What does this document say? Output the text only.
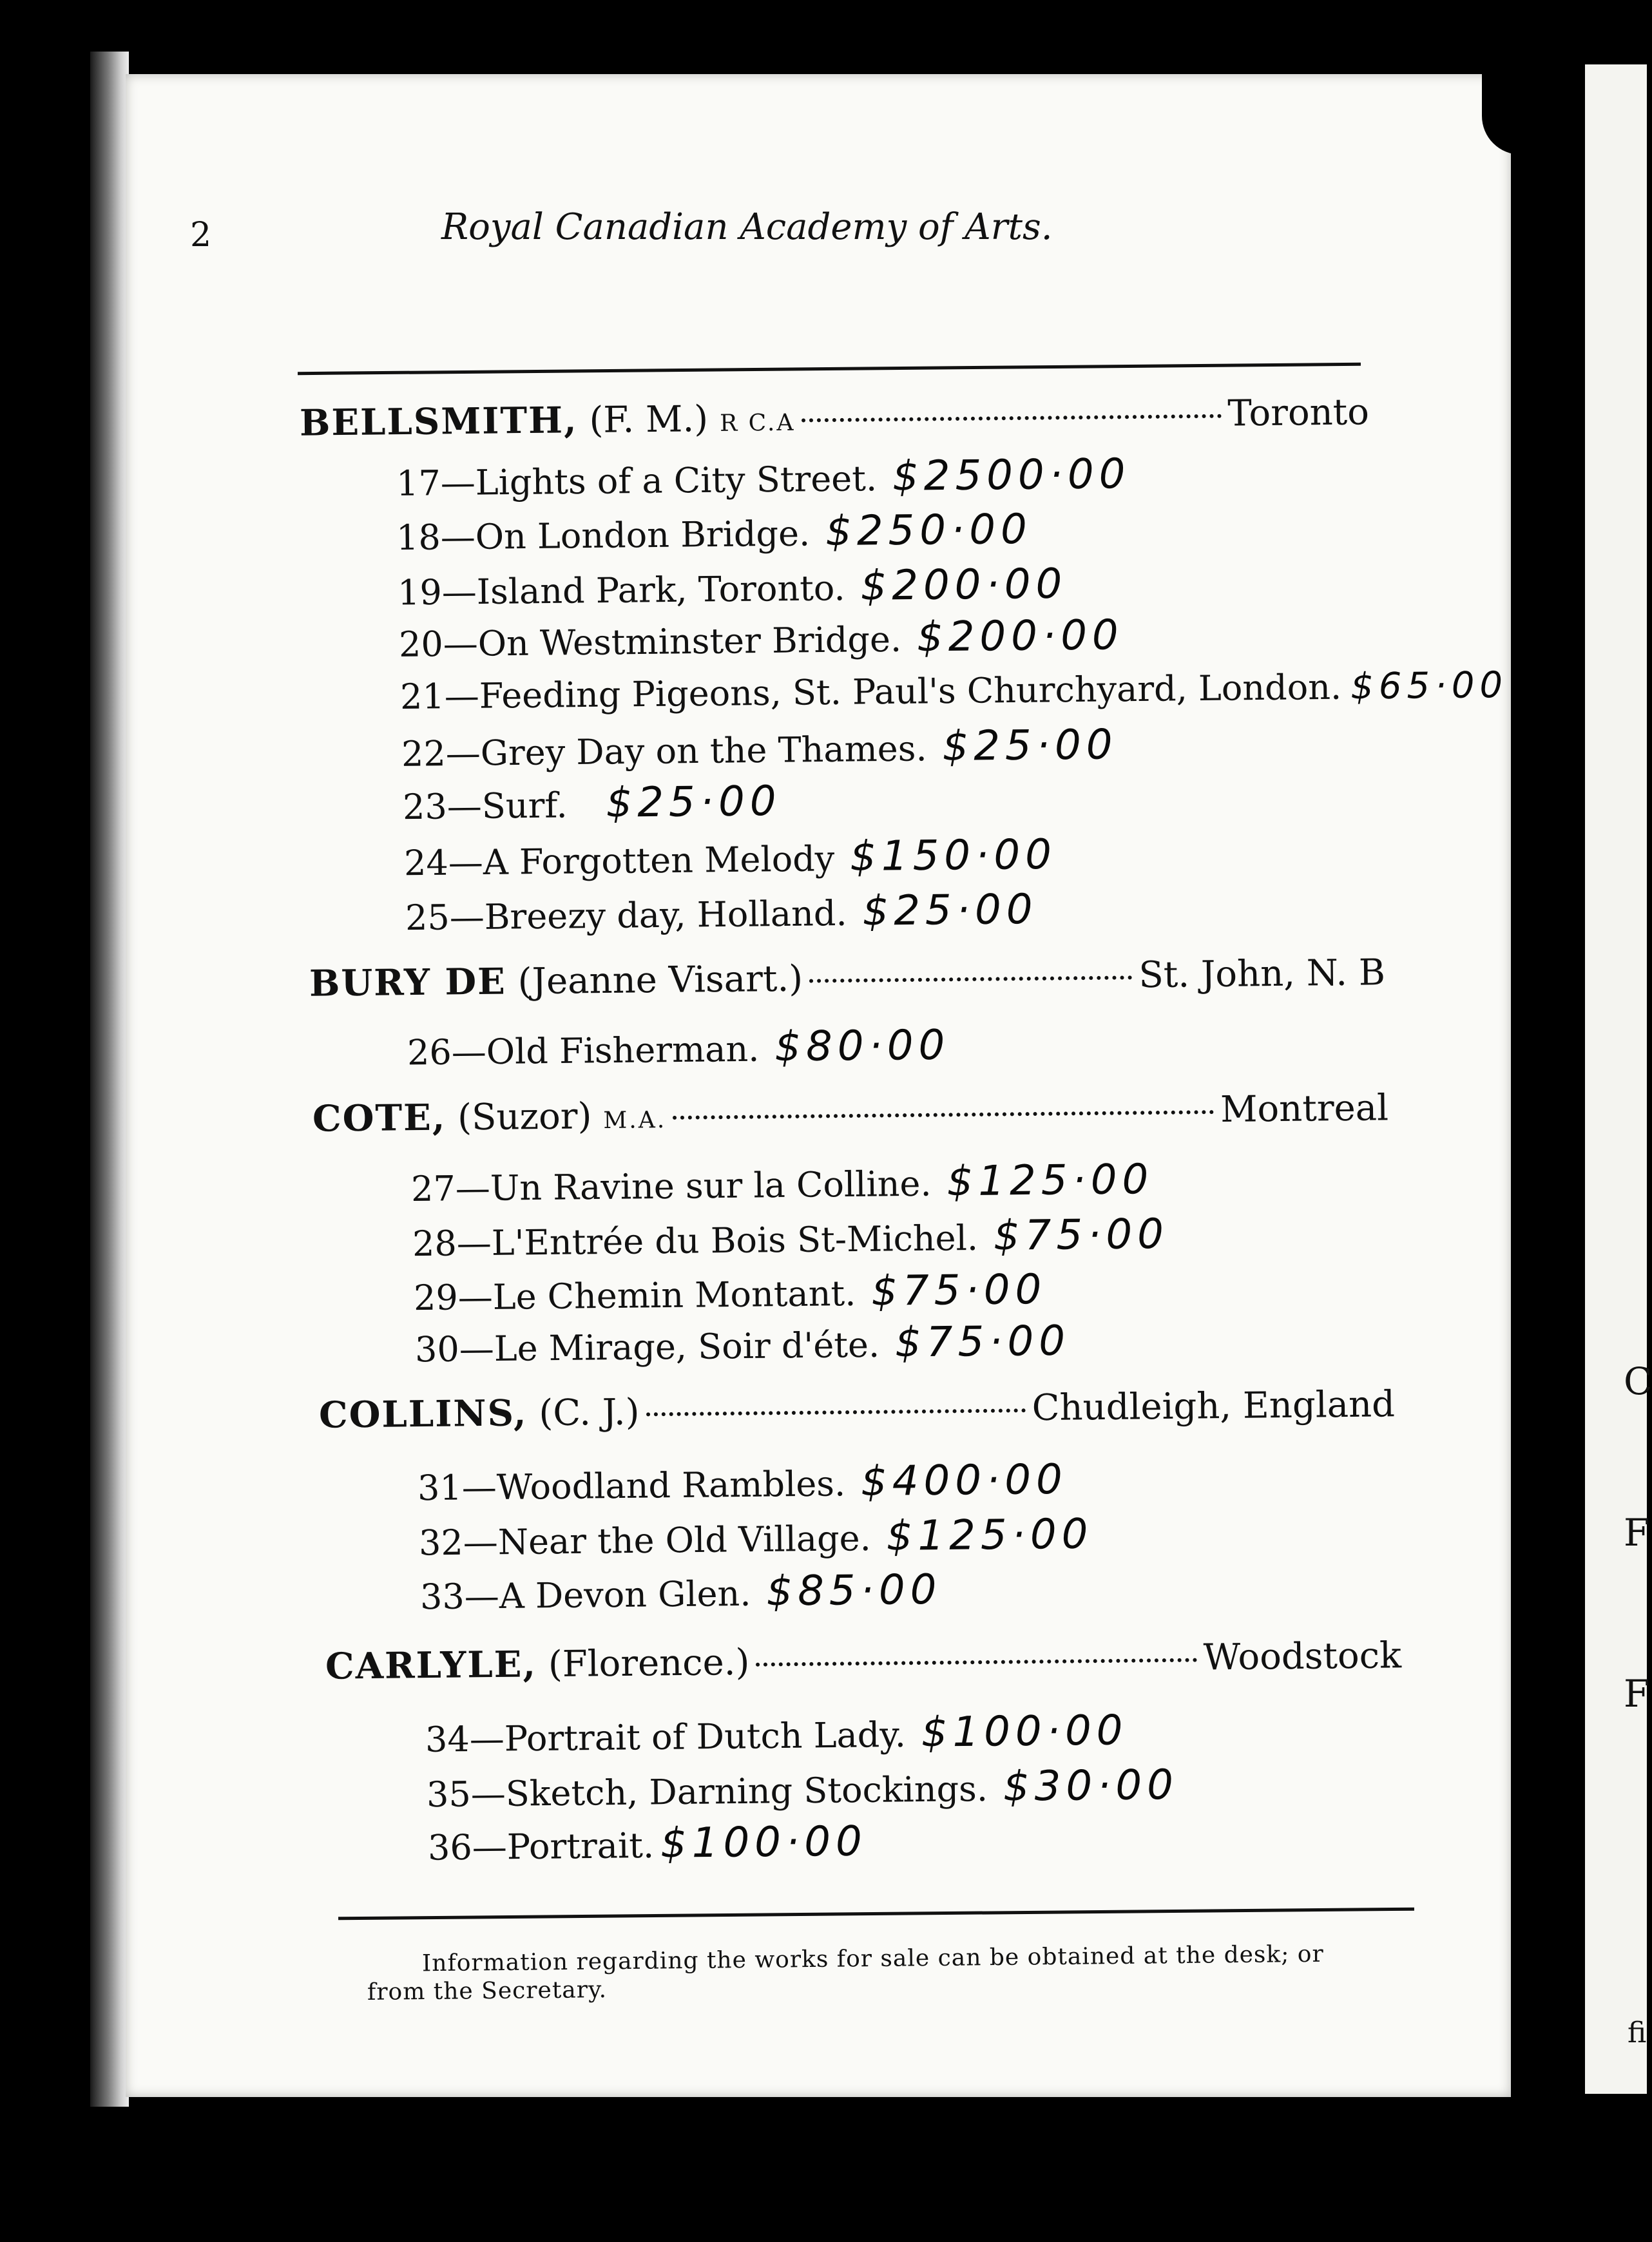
C
F
F
fi
2	Royal Canadian Academy of Arts.
BELLSMITH, (F. M.) R C.A	Toronto
17— Lights of a City Street. $2500·00
18— On London Bridge. $250·00
19— Island Park, Toronto. $200·00
20— On Westminster Bridge. $200·00
21— Feeding Pigeons, St. Paul's Churchyard, London. $65·00
22— Grey Day on the Thames. $25·00
23— Surf. $25·00
24— A Forgotten Melody $150·00
25— Breezy day, Holland. $25·00
BURY DE (Jeanne Visart.)	St. John, N. B
26— Old Fisherman. $80·00
COTE, (Suzor) M.A.	Montreal
27— Un Ravine sur la Colline. $125·00
28— L'Entrée du Bois St-Michel. $75·00
29— Le Chemin Montant. $75·00
30— Le Mirage, Soir d'éte. $75·00
COLLINS, (C. J.)	Chudleigh, England
31— Woodland Rambles. $400·00
32— Near the Old Village. $125·00
33— A Devon Glen. $85·00
CARLYLE, (Florence.)	Woodstock
34— Portrait of Dutch Lady. $100·00
35— Sketch, Darning Stockings. $30·00
36— Portrait. $100·00
Information regarding the works for sale can be obtained at the desk; or
from the Secretary.
